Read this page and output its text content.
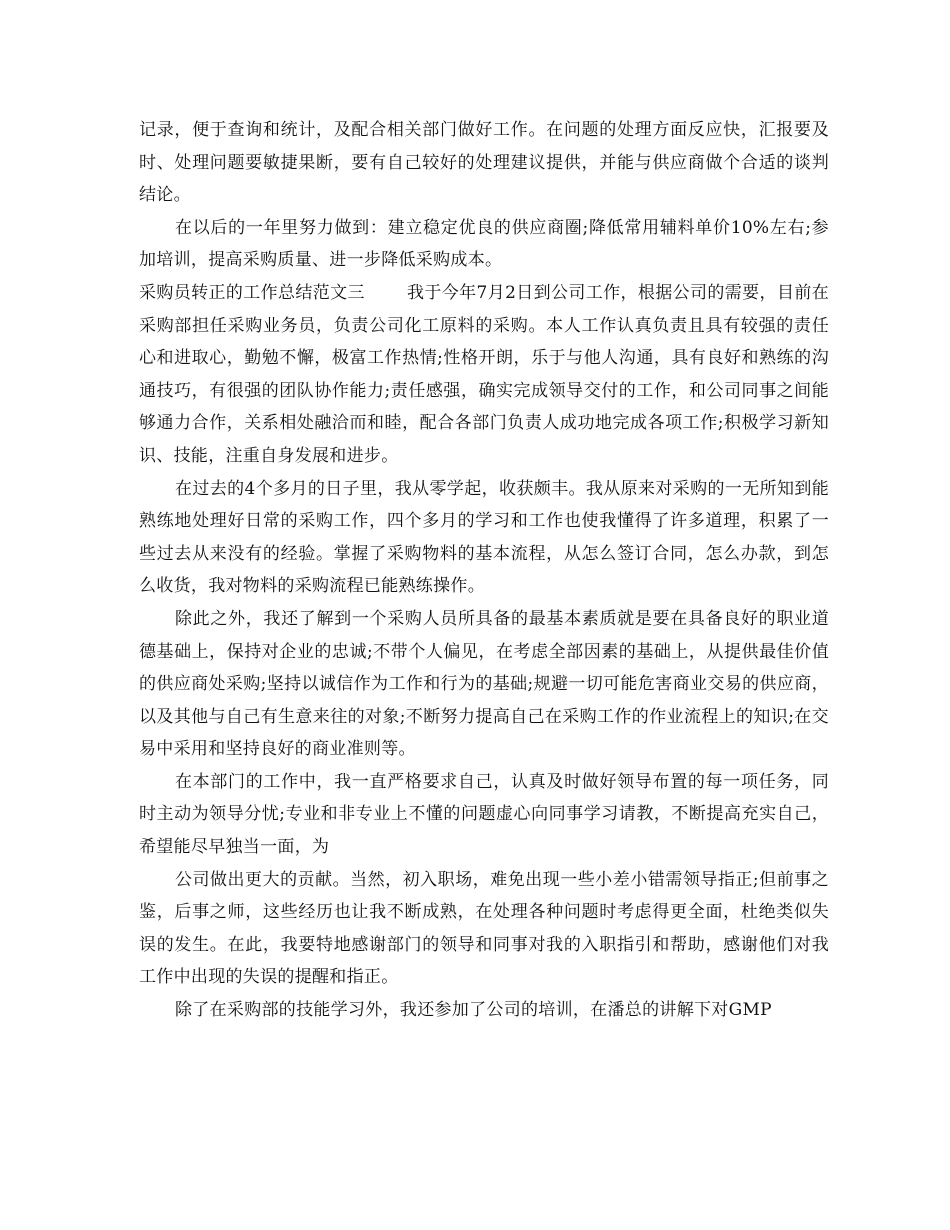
记录，便于查询和统计，及配合相关部门做好工作。在问题的处理方面反应快，汇报要及时、处理问题要敏捷果断，要有自己较好的处理建议提供，并能与供应商做个合适的谈判结论。

在以后的一年里努力做到：建立稳定优良的供应商圈;降低常用辅料单价10%左右;参加培训，提高采购质量、进一步降低采购成本。

采购员转正的工作总结范文三 我于今年7月2日到公司工作，根据公司的需要，目前在采购部担任采购业务员，负责公司化工原料的采购。本人工作认真负责且具有较强的责任心和进取心，勤勉不懈，极富工作热情;性格开朗，乐于与他人沟通，具有良好和熟练的沟通技巧，有很强的团队协作能力;责任感强，确实完成领导交付的工作，和公司同事之间能够通力合作，关系相处融洽而和睦，配合各部门负责人成功地完成各项工作;积极学习新知识、技能，注重自身发展和进步。

在过去的4个多月的日子里，我从零学起，收获颇丰。我从原来对采购的一无所知到能熟练地处理好日常的采购工作，四个多月的学习和工作也使我懂得了许多道理，积累了一些过去从来没有的经验。掌握了采购物料的基本流程，从怎么签订合同，怎么办款，到怎么收货，我对物料的采购流程已能熟练操作。

除此之外，我还了解到一个采购人员所具备的最基本素质就是要在具备良好的职业道德基础上，保持对企业的忠诚;不带个人偏见，在考虑全部因素的基础上，从提供最佳价值的供应商处采购;坚持以诚信作为工作和行为的基础;规避一切可能危害商业交易的供应商，以及其他与自己有生意来往的对象;不断努力提高自己在采购工作的作业流程上的知识;在交易中采用和坚持良好的商业准则等。

在本部门的工作中，我一直严格要求自己，认真及时做好领导布置的每一项任务，同时主动为领导分忧;专业和非专业上不懂的问题虚心向同事学习请教，不断提高充实自己，希望能尽早独当一面，为

公司做出更大的贡献。当然，初入职场，难免出现一些小差小错需领导指正;但前事之鉴，后事之师，这些经历也让我不断成熟，在处理各种问题时考虑得更全面，杜绝类似失误的发生。在此，我要特地感谢部门的领导和同事对我的入职指引和帮助，感谢他们对我工作中出现的失误的提醒和指正。

除了在采购部的技能学习外，我还参加了公司的培训，在潘总的讲解下对GMP
